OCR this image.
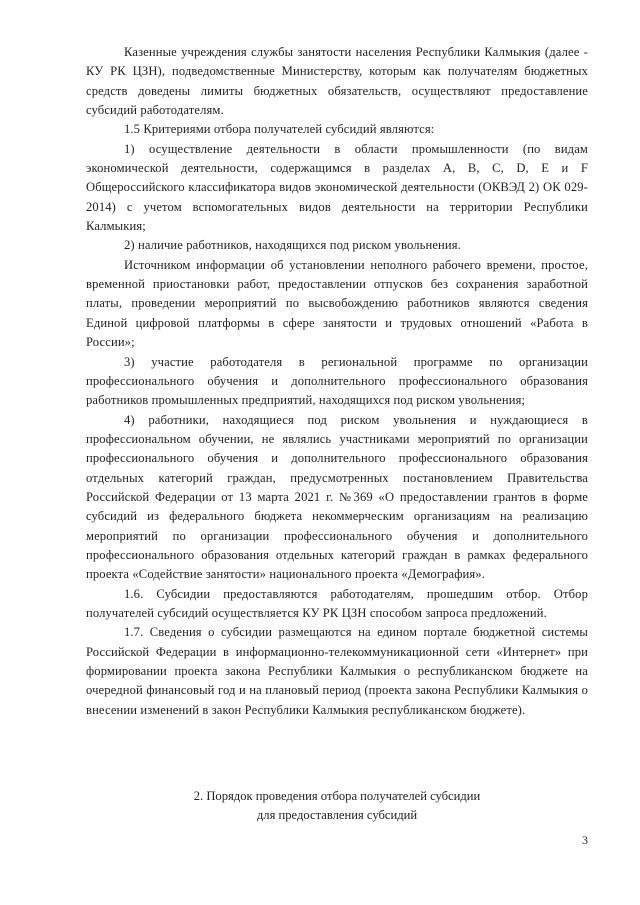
Казенные учреждения службы занятости населения Республики Калмыкия (далее - КУ РК ЦЗН), подведомственные Министерству, которым как получателям бюджетных средств доведены лимиты бюджетных обязательств, осуществляют предоставление субсидий работодателям.

1.5 Критериями отбора получателей субсидий являются:

1) осуществление деятельности в области промышленности (по видам экономической деятельности, содержащимся в разделах A, B, C, D, E и F Общероссийского классификатора видов экономической деятельности (ОКВЭД 2) ОК 029-2014) с учетом вспомогательных видов деятельности на территории Республики Калмыкия;

2) наличие работников, находящихся под риском увольнения.

Источником информации об установлении неполного рабочего времени, простое, временной приостановки работ, предоставлении отпусков без сохранения заработной платы, проведении мероприятий по высвобождению работников являются сведения Единой цифровой платформы в сфере занятости и трудовых отношений «Работа в России»;

3) участие работодателя в региональной программе по организации профессионального обучения и дополнительного профессионального образования работников промышленных предприятий, находящихся под риском увольнения;

4) работники, находящиеся под риском увольнения и нуждающиеся в профессиональном обучении, не являлись участниками мероприятий по организации профессионального обучения и дополнительного профессионального образования отдельных категорий граждан, предусмотренных постановлением Правительства Российской Федерации от 13 марта 2021 г. №369 «О предоставлении грантов в форме субсидий из федерального бюджета некоммерческим организациям на реализацию мероприятий по организации профессионального обучения и дополнительного профессионального образования отдельных категорий граждан в рамках федерального проекта «Содействие занятости» национального проекта «Демография».

1.6. Субсидии предоставляются работодателям, прошедшим отбор. Отбор получателей субсидий осуществляется КУ РК ЦЗН способом запроса предложений.

1.7. Сведения о субсидии размещаются на едином портале бюджетной системы Российской Федерации в информационно-телекоммуникационной сети «Интернет» при формировании проекта закона Республики Калмыкия о республиканском бюджете на очередной финансовый год и на плановый период (проекта закона Республики Калмыкия о внесении изменений в закон Республики Калмыкия республиканском бюджете).

2. Порядок проведения отбора получателей субсидии
для предоставления субсидий
3
